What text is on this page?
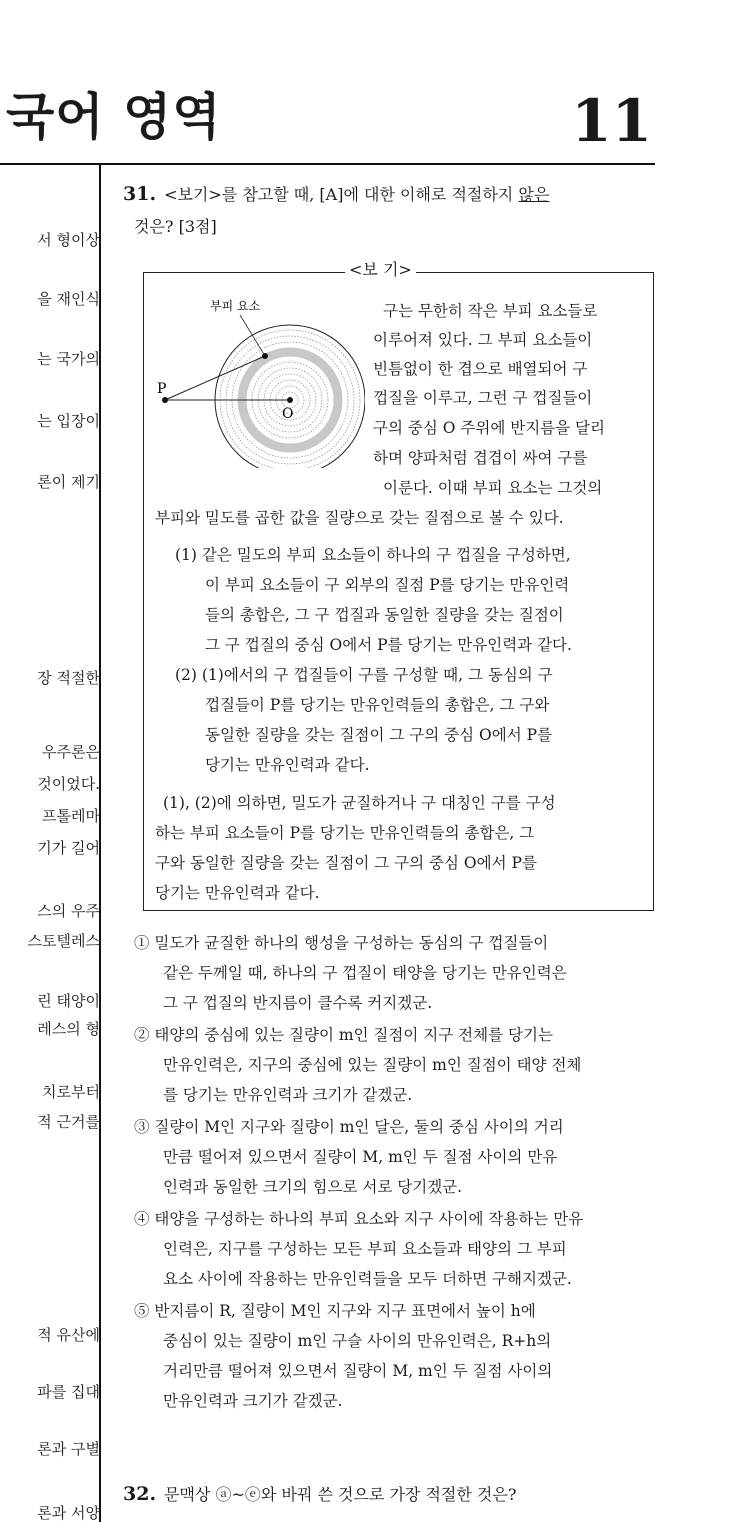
국어 영역	11
서 형이상
을 재인식
는 국가의
는 입장이
론이 제기
장 적절한
우주론은
것이었다.
프톨레마
기가 길어
스의 우주
스토텔레스
린 태양이
레스의 형
치로부터
적 근거를
적 유산에
파를 집대
론과 구별
론과 서양
31. <보기>를 참고할 때, [A]에 대한 이해로 적절하지 않은
것은? [3점]
<보 기>
부피 요소
P
O
구는 무한히 작은 부피 요소들로
이루어져 있다. 그 부피 요소들이
빈틈없이 한 겹으로 배열되어 구
껍질을 이루고, 그런 구 껍질들이
구의 중심 O 주위에 반지름을 달리
하며 양파처럼 겹겹이 싸여 구를
이룬다. 이때 부피 요소는 그것의
부피와 밀도를 곱한 값을 질량으로 갖는 질점으로 볼 수 있다.
(1) 같은 밀도의 부피 요소들이 하나의 구 껍질을 구성하면,
이 부피 요소들이 구 외부의 질점 P를 당기는 만유인력
들의 총합은, 그 구 껍질과 동일한 질량을 갖는 질점이
그 구 껍질의 중심 O에서 P를 당기는 만유인력과 같다.
(2) (1)에서의 구 껍질들이 구를 구성할 때, 그 동심의 구
껍질들이 P를 당기는 만유인력들의 총합은, 그 구와
동일한 질량을 갖는 질점이 그 구의 중심 O에서 P를
당기는 만유인력과 같다.
(1), (2)에 의하면, 밀도가 균질하거나 구 대칭인 구를 구성
하는 부피 요소들이 P를 당기는 만유인력들의 총합은, 그
구와 동일한 질량을 갖는 질점이 그 구의 중심 O에서 P를
당기는 만유인력과 같다.
① 밀도가 균질한 하나의 행성을 구성하는 동심의 구 껍질들이
같은 두께일 때, 하나의 구 껍질이 태양을 당기는 만유인력은
그 구 껍질의 반지름이 클수록 커지겠군.
② 태양의 중심에 있는 질량이 m인 질점이 지구 전체를 당기는
만유인력은, 지구의 중심에 있는 질량이 m인 질점이 태양 전체
를 당기는 만유인력과 크기가 같겠군.
③ 질량이 M인 지구와 질량이 m인 달은, 둘의 중심 사이의 거리
만큼 떨어져 있으면서 질량이 M, m인 두 질점 사이의 만유
인력과 동일한 크기의 힘으로 서로 당기겠군.
④ 태양을 구성하는 하나의 부피 요소와 지구 사이에 작용하는 만유
인력은, 지구를 구성하는 모든 부피 요소들과 태양의 그 부피
요소 사이에 작용하는 만유인력들을 모두 더하면 구해지겠군.
⑤ 반지름이 R, 질량이 M인 지구와 지구 표면에서 높이 h에
중심이 있는 질량이 m인 구슬 사이의 만유인력은, R+h의
거리만큼 떨어져 있으면서 질량이 M, m인 두 질점 사이의
만유인력과 크기가 같겠군.
32. 문맥상 ⓐ~ⓔ와 바꿔 쓴 것으로 가장 적절한 것은?
